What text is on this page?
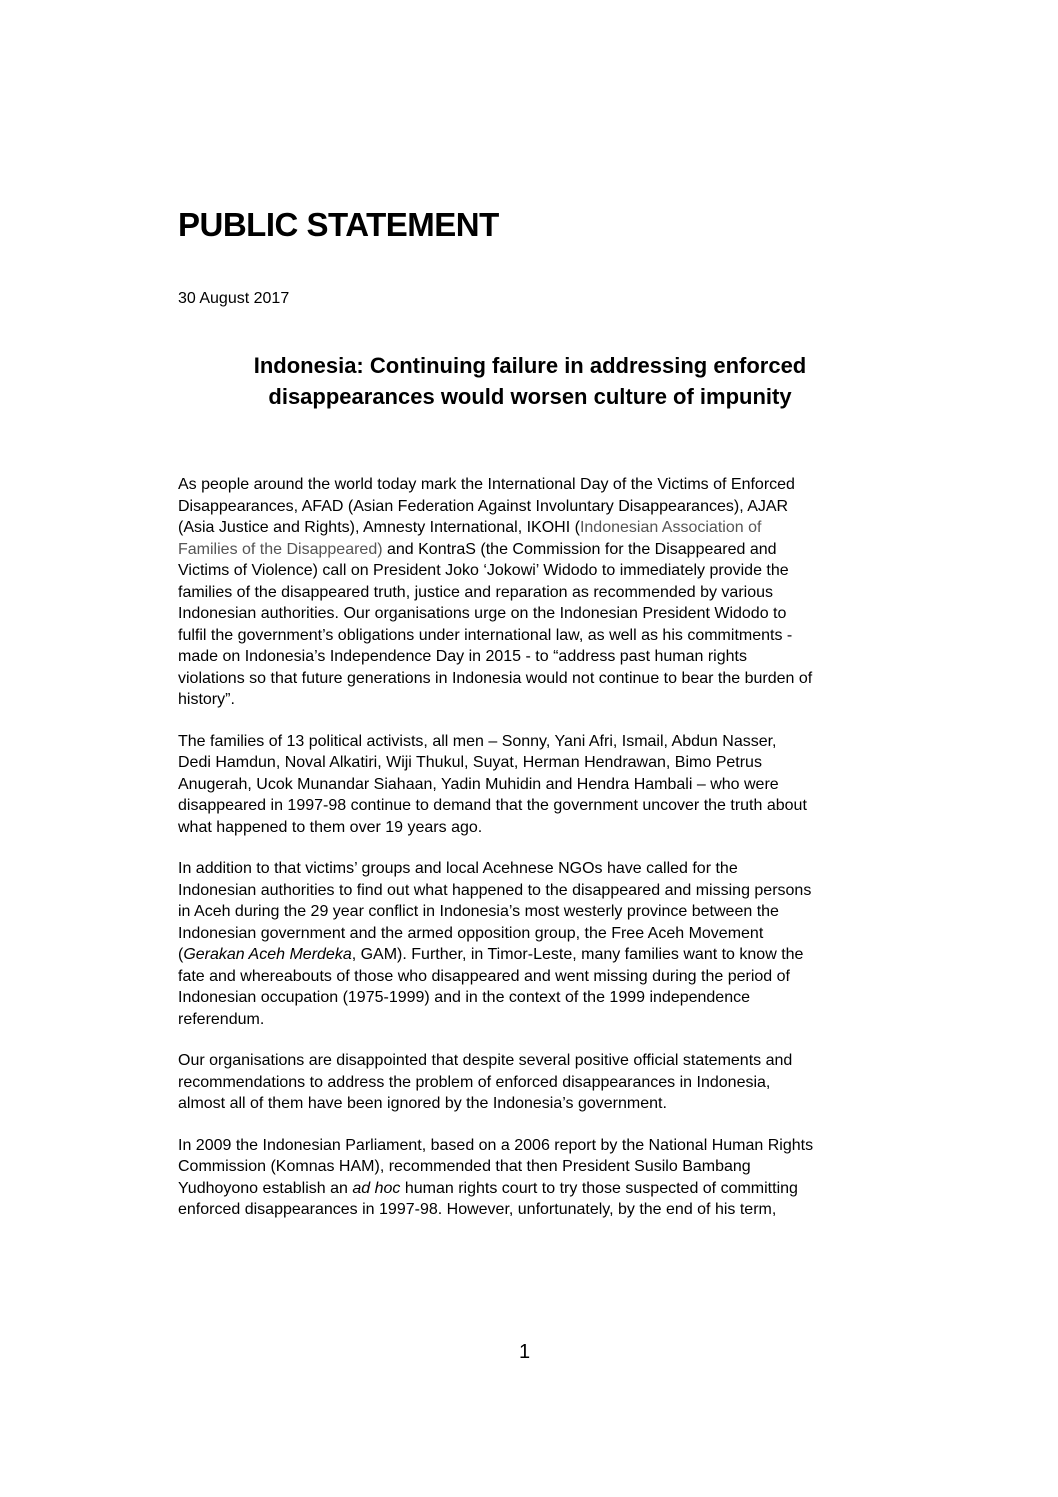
PUBLIC STATEMENT
30 August 2017
Indonesia: Continuing failure in addressing enforced
disappearances would worsen culture of impunity

As people around the world today mark the International Day of the Victims of Enforced
Disappearances, AFAD (Asian Federation Against Involuntary Disappearances), AJAR
(Asia Justice and Rights), Amnesty International, IKOHI (Indonesian Association of
Families of the Disappeared) and KontraS (the Commission for the Disappeared and
Victims of Violence) call on President Joko ‘Jokowi’ Widodo to immediately provide the
families of the disappeared truth, justice and reparation as recommended by various
Indonesian authorities. Our organisations urge on the Indonesian President Widodo to
fulfil the government’s obligations under international law, as well as his commitments -
made on Indonesia’s Independence Day in 2015 - to “address past human rights
violations so that future generations in Indonesia would not continue to bear the burden of
history”.

The families of 13 political activists, all men – Sonny, Yani Afri, Ismail, Abdun Nasser,
Dedi Hamdun, Noval Alkatiri, Wiji Thukul, Suyat, Herman Hendrawan, Bimo Petrus
Anugerah, Ucok Munandar Siahaan, Yadin Muhidin and Hendra Hambali – who were
disappeared in 1997-98 continue to demand that the government uncover the truth about
what happened to them over 19 years ago.

In addition to that victims’ groups and local Acehnese NGOs have called for the
Indonesian authorities to find out what happened to the disappeared and missing persons
in Aceh during the 29 year conflict in Indonesia’s most westerly province between the
Indonesian government and the armed opposition group, the Free Aceh Movement
(Gerakan Aceh Merdeka, GAM). Further, in Timor-Leste, many families want to know the
fate and whereabouts of those who disappeared and went missing during the period of
Indonesian occupation (1975-1999) and in the context of the 1999 independence
referendum.

Our organisations are disappointed that despite several positive official statements and
recommendations to address the problem of enforced disappearances in Indonesia,
almost all of them have been ignored by the Indonesia’s government.

In 2009 the Indonesian Parliament, based on a 2006 report by the National Human Rights
Commission (Komnas HAM), recommended that then President Susilo Bambang
Yudhoyono establish an ad hoc human rights court to try those suspected of committing
enforced disappearances in 1997-98. However, unfortunately, by the end of his term,

1
